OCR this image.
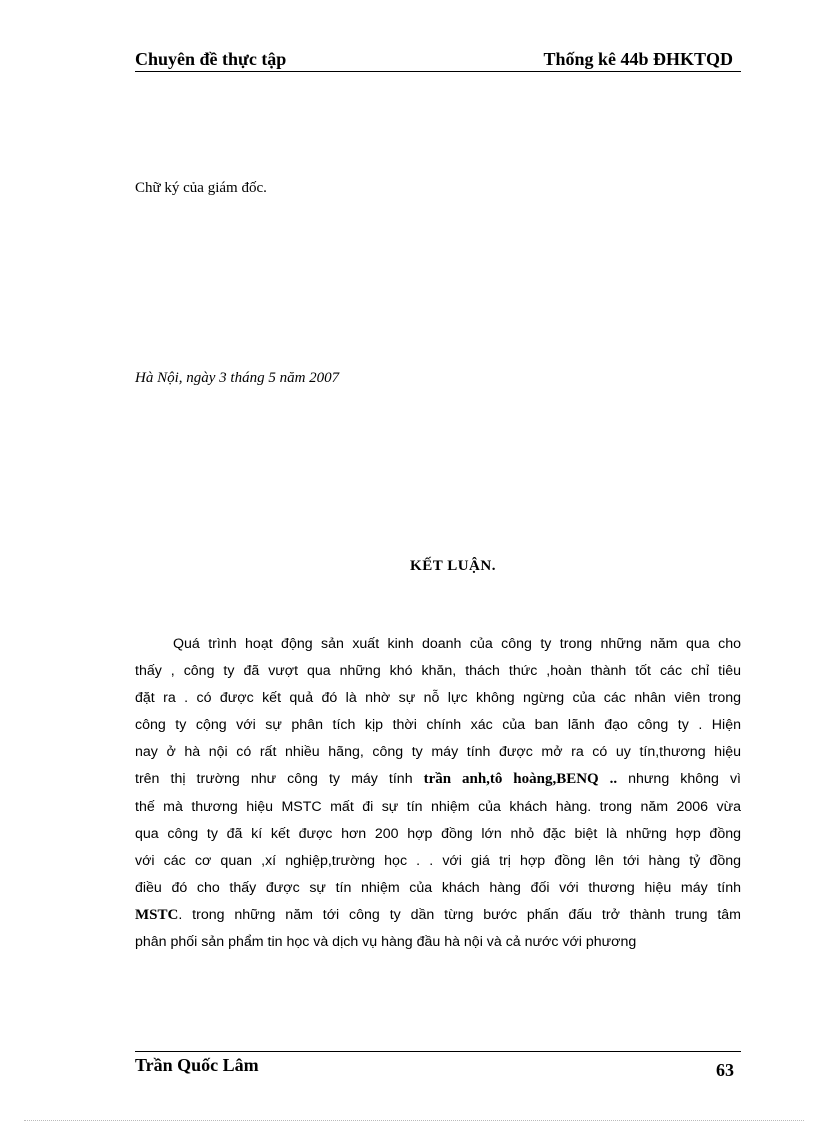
Chuyên đề thực tập	Thống kê 44b ĐHKTQD
Chữ ký của giám đốc.
Hà Nội, ngày 3 tháng 5 năm 2007
KẾT LUẬN.
Quá trình hoạt động sản xuất kinh doanh của công ty trong những năm qua cho
thấy , công ty đã vượt qua những khó khăn, thách thức ,hoàn thành tốt các chỉ tiêu
đặt ra . có được kết quả đó là nhờ sự nỗ lực không ngừng của các nhân viên trong
công ty cộng với sự phân tích kịp thời chính xác của ban lãnh đạo công ty . Hiện
nay ở hà nội có rất nhiều hãng, công ty máy tính được mở ra có uy tín,thương hiệu
trên thị trường như công ty máy tính trần anh,tô hoàng,BENQ .. nhưng không vì
thế mà thương hiệu MSTC mất đi sự tín nhiệm của khách hàng. trong năm 2006 vừa
qua công ty đã kí kết được hơn 200 hợp đồng lớn nhỏ đặc biệt là những hợp đồng
với các cơ quan ,xí nghiệp,trường học . . với giá trị hợp đồng lên tới hàng tỷ đồng
điều đó cho thấy được sự tín nhiệm của khách hàng đối với thương hiệu máy tính
MSTC. trong những năm tới công ty dần từng bước phấn đấu trở thành trung tâm
phân phối sản phẩm tin học và dịch vụ hàng đầu hà nội và cả nước với phương
Trần Quốc Lâm	63
